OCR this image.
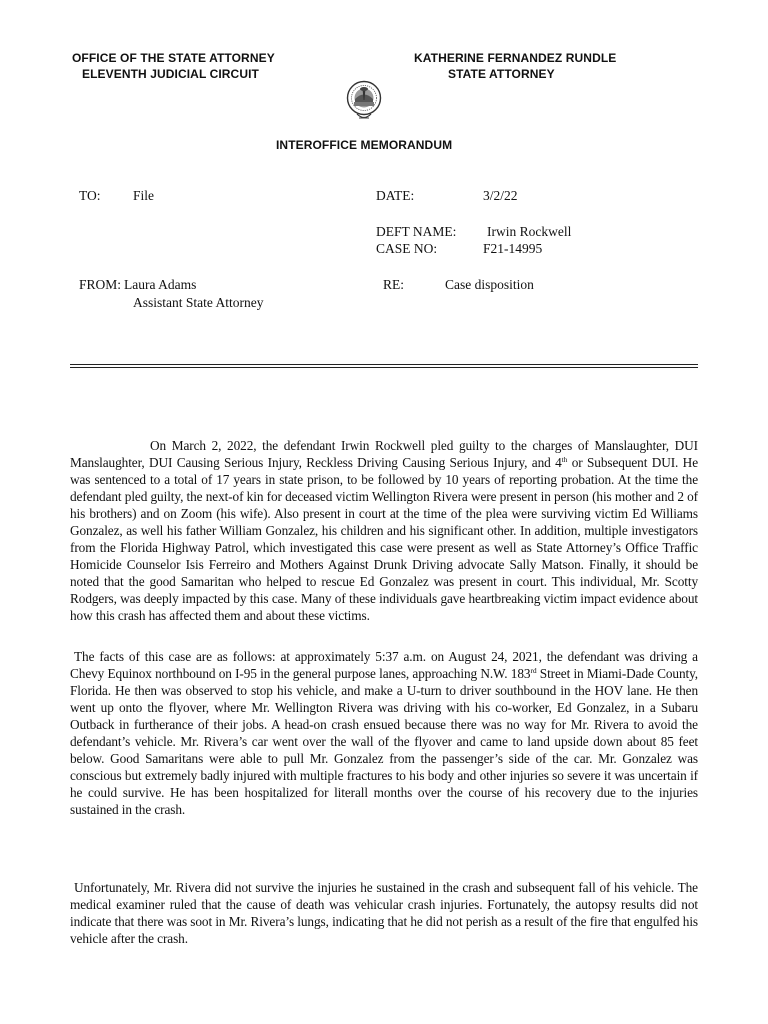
OFFICE OF THE STATE ATTORNEY
ELEVENTH JUDICIAL CIRCUIT
KATHERINE FERNANDEZ RUNDLE
STATE ATTORNEY
INTEROFFICE MEMORANDUM
TO: File	DATE:	3/2/22
DEFT NAME: Irwin Rockwell
CASE NO:	F21-14995
FROM: Laura Adams
Assistant State Attorney
RE:	Case disposition
On March 2, 2022, the defendant Irwin Rockwell pled guilty to the charges of Manslaughter, DUI Manslaughter, DUI Causing Serious Injury, Reckless Driving Causing Serious Injury, and 4th or Subsequent DUI. He was sentenced to a total of 17 years in state prison, to be followed by 10 years of reporting probation. At the time the defendant pled guilty, the next-of kin for deceased victim Wellington Rivera were present in person (his mother and 2 of his brothers) and on Zoom (his wife). Also present in court at the time of the plea were surviving victim Ed Williams Gonzalez, as well his father William Gonzalez, his children and his significant other. In addition, multiple investigators from the Florida Highway Patrol, which investigated this case were present as well as State Attorney’s Office Traffic Homicide Counselor Isis Ferreiro and Mothers Against Drunk Driving advocate Sally Matson. Finally, it should be noted that the good Samaritan who helped to rescue Ed Gonzalez was present in court. This individual, Mr. Scotty Rodgers, was deeply impacted by this case. Many of these individuals gave heartbreaking victim impact evidence about how this crash has affected them and about these victims.
The facts of this case are as follows: at approximately 5:37 a.m. on August 24, 2021, the defendant was driving a Chevy Equinox northbound on I-95 in the general purpose lanes, approaching N.W. 183rd Street in Miami-Dade County, Florida. He then was observed to stop his vehicle, and make a U-turn to driver southbound in the HOV lane. He then went up onto the flyover, where Mr. Wellington Rivera was driving with his co-worker, Ed Gonzalez, in a Subaru Outback in furtherance of their jobs. A head-on crash ensued because there was no way for Mr. Rivera to avoid the defendant’s vehicle. Mr. Rivera’s car went over the wall of the flyover and came to land upside down about 85 feet below. Good Samaritans were able to pull Mr. Gonzalez from the passenger’s side of the car. Mr. Gonzalez was conscious but extremely badly injured with multiple fractures to his body and other injuries so severe it was uncertain if he could survive. He has been hospitalized for literall months over the course of his recovery due to the injuries sustained in the crash.
Unfortunately, Mr. Rivera did not survive the injuries he sustained in the crash and subsequent fall of his vehicle. The medical examiner ruled that the cause of death was vehicular crash injuries. Fortunately, the autopsy results did not indicate that there was soot in Mr. Rivera’s lungs, indicating that he did not perish as a result of the fire that engulfed his vehicle after the crash.
